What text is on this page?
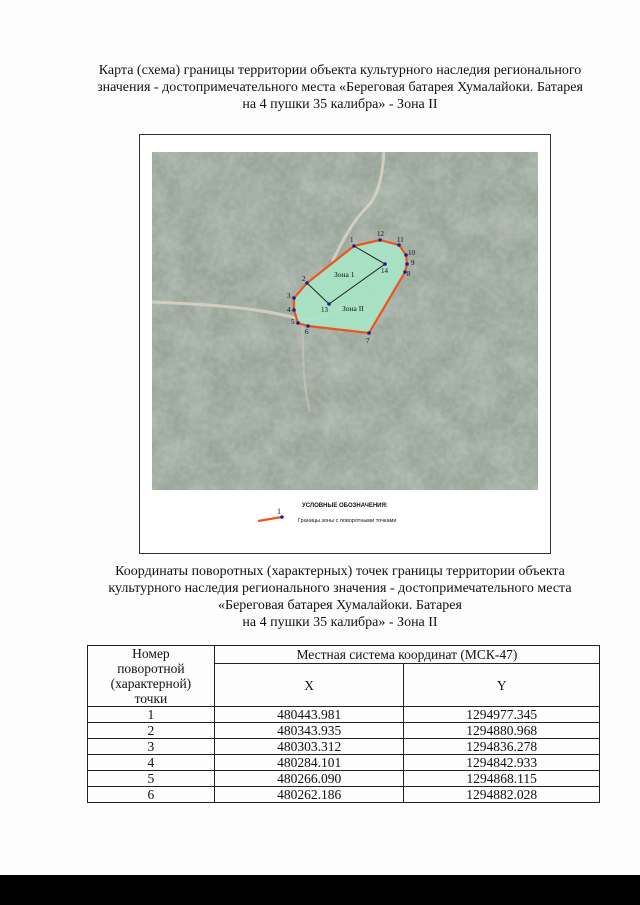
Карта (схема) границы территории объекта культурного наследия регионального
значения - достопримечательного места «Береговая батарея Хумалайоки. Батарея
на 4 пушки 35 калибра» - Зона II
1
2
3
4
5
6
7
8
9
10
11
12
13
14
Зона 1
Зона II
УСЛОВНЫЕ ОБОЗНАЧЕНИЯ:
1
Границы зоны с поворотными точками
Координаты поворотных (характерных) точек границы территории объекта
культурного наследия регионального значения - достопримечательного места
«Береговая батарея Хумалайоки. Батарея
на 4 пушки 35 калибра» - Зона II
Номер
поворотной
(характерной)
точки	Местная система координат (МСК-47)	
	X	Y
1	480443.981	1294977.345
2	480343.935	1294880.968
3	480303.312	1294836.278
4	480284.101	1294842.933
5	480266.090	1294868.115
6	480262.186	1294882.028
